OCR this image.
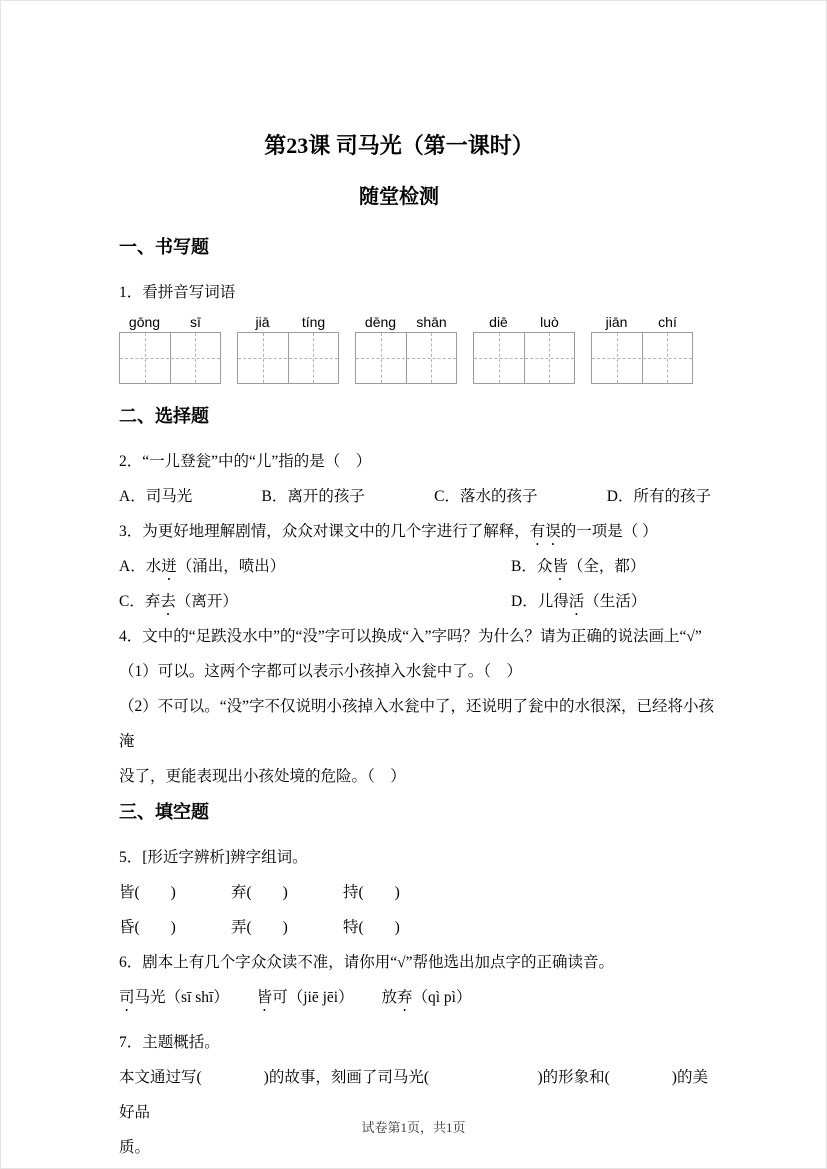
第23课 司马光（第一课时）
随堂检测
一、书写题

1．看拼音写词语

gōng	sī	jiā	tíng	dēng	shān	diē	luò	jiān	chí
二、选择题

2．“一儿登瓮”中的“儿”指的是（　）

A．司马光	B．离开的孩子	C．落水的孩子	D．所有的孩子

3．为更好地理解剧情，众众对课文中的几个字进行了解释，有误的一项是（ ）

A．水迸（涌出，喷出）	B．众皆（全，都）
C．弃去（离开）	D．儿得活（生活）

4．文中的“足跌没水中”的“没”字可以换成“入”字吗？为什么？请为正确的说法画上“√”

（1）可以。这两个字都可以表示小孩掉入水瓮中了。（　）

（2）不可以。“没”字不仅说明小孩掉入水瓮中了，还说明了瓮中的水很深，已经将小孩淹

没了，更能表现出小孩处境的危险。（　）

三、填空题

5．[形近字辨析]辨字组词。

皆(　　)	弃(　　)	持(　　)

昏(　　)	弄(　　)	特(　　)

6．剧本上有几个字众众读不准，请你用“√”帮他选出加点字的正确读音。

司马光（sī shī） 皆可（jiē jēi） 放弃（qì pì）

7．主题概括。

本文通过写(　　　　)的故事，刻画了司马光(　　　　　　　)的形象和(　　　　)的美好品

质。

试卷第1页，共1页
